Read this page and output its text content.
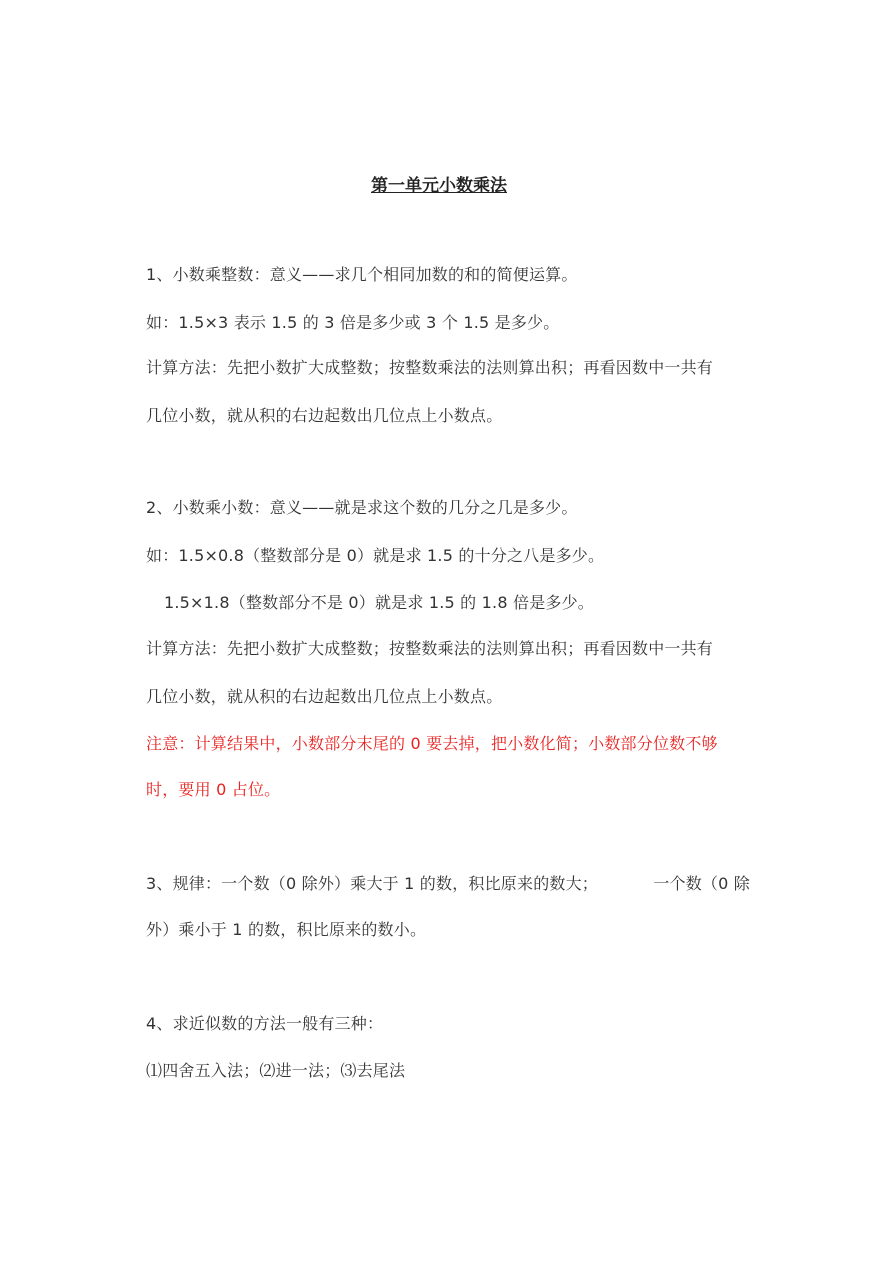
第一单元小数乘法
1、小数乘整数：意义——求几个相同加数的和的简便运算。
如：1.5×3 表示 1.5 的 3 倍是多少或 3 个 1.5 是多少。
计算方法：先把小数扩大成整数；按整数乘法的法则算出积；再看因数中一共有
几位小数，就从积的右边起数出几位点上小数点。
2、小数乘小数：意义——就是求这个数的几分之几是多少。
如：1.5×0.8（整数部分是 0）就是求 1.5 的十分之八是多少。
1.5×1.8（整数部分不是 0）就是求 1.5 的 1.8 倍是多少。
计算方法：先把小数扩大成整数；按整数乘法的法则算出积；再看因数中一共有
几位小数，就从积的右边起数出几位点上小数点。
注意：计算结果中，小数部分末尾的 0 要去掉，把小数化简；小数部分位数不够
时，要用 0 占位。
3、规律：一个数（0 除外）乘大于 1 的数，积比原来的数大；	一个数（0 除
外）乘小于 1 的数，积比原来的数小。
4、求近似数的方法一般有三种：
⑴四舍五入法；⑵进一法；⑶去尾法
